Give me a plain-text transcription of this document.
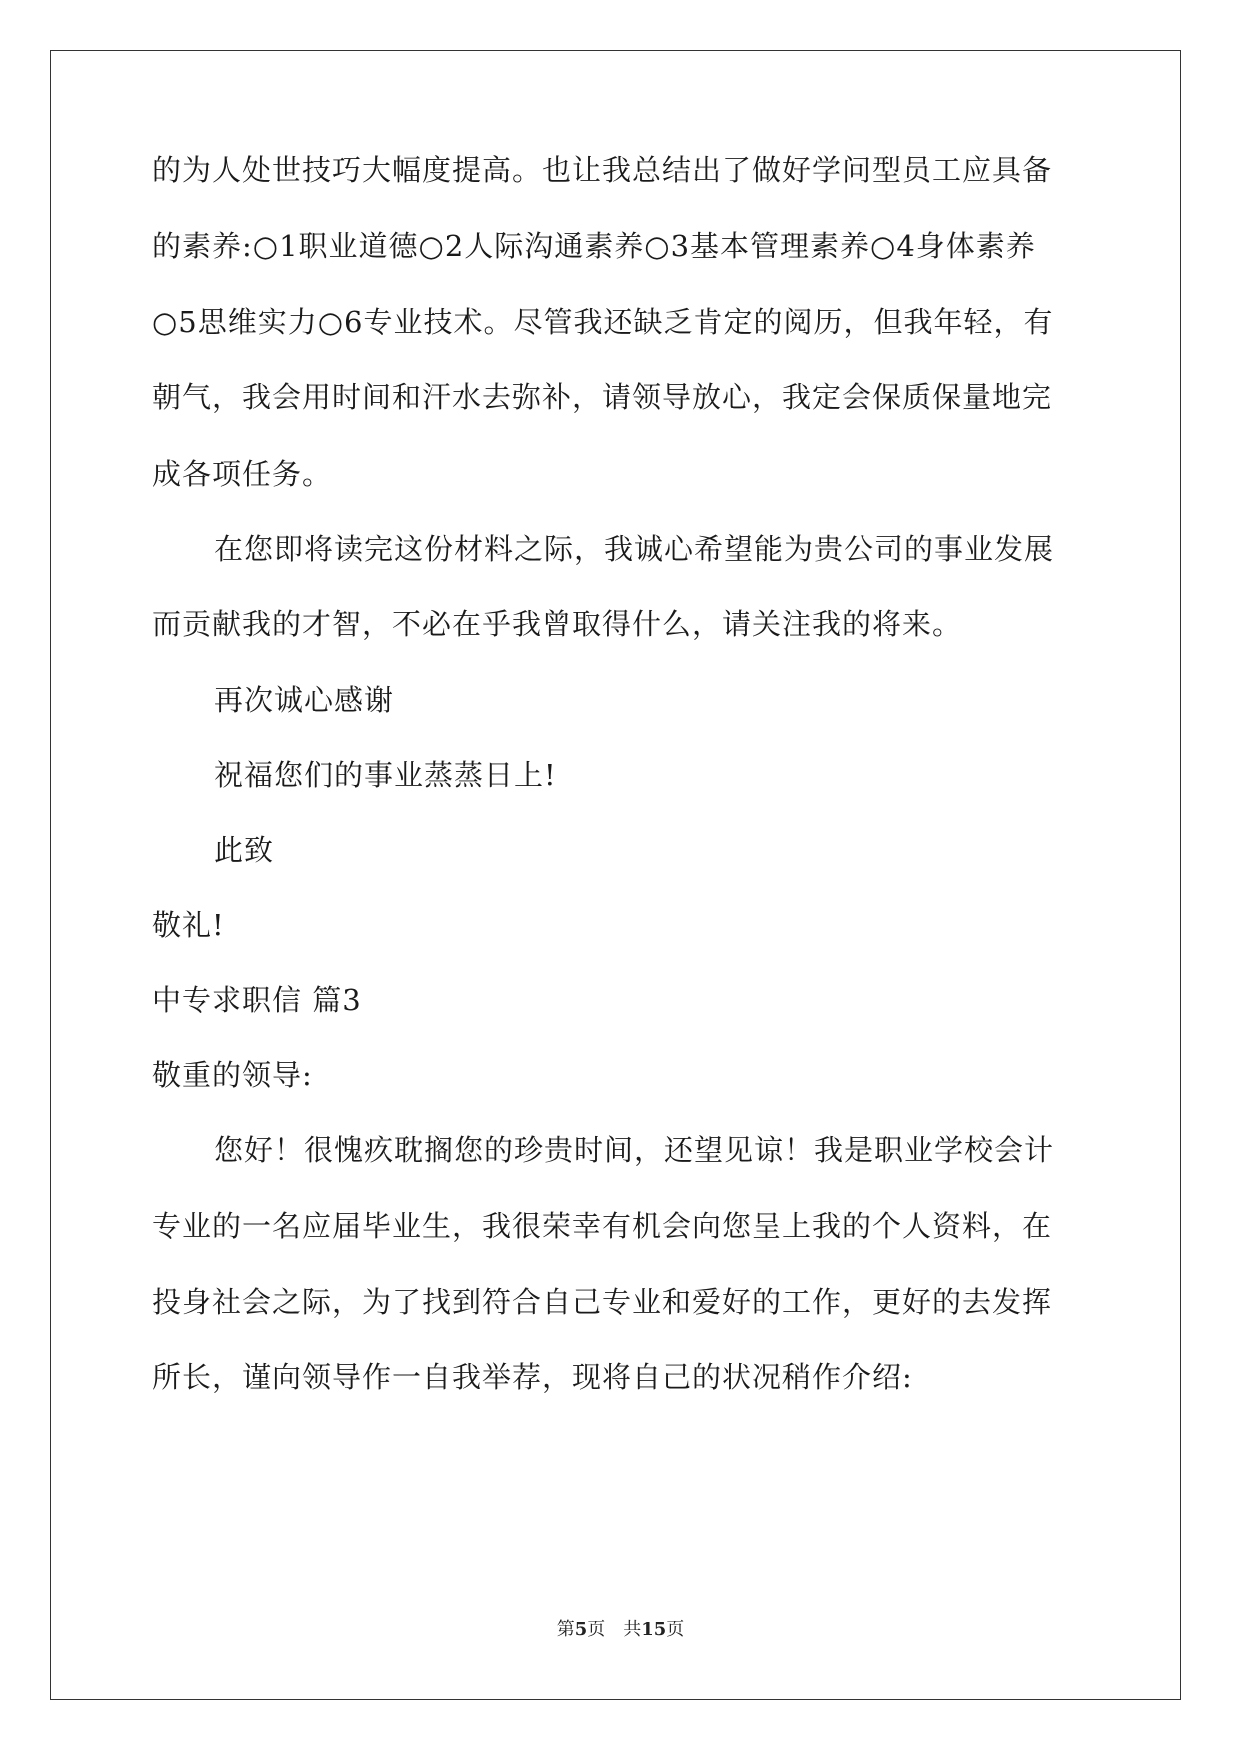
的为人处世技巧大幅度提高。也让我总结出了做好学问型员工应具备
的素养:○1职业道德○2人际沟通素养○3基本管理素养○4身体素养
○5思维实力○6专业技术。尽管我还缺乏肯定的阅历，但我年轻，有
朝气，我会用时间和汗水去弥补，请领导放心，我定会保质保量地完
成各项任务。
在您即将读完这份材料之际，我诚心希望能为贵公司的事业发展
而贡献我的才智，不必在乎我曾取得什么，请关注我的将来。
再次诚心感谢
祝福您们的事业蒸蒸日上!
此致
敬礼!
中专求职信 篇3
敬重的领导:
您好！很愧疚耽搁您的珍贵时间，还望见谅！我是职业学校会计
专业的一名应届毕业生，我很荣幸有机会向您呈上我的个人资料，在
投身社会之际，为了找到符合自己专业和爱好的工作，更好的去发挥
所长，谨向领导作一自我举荐，现将自己的状况稍作介绍:
第5页 共15页
